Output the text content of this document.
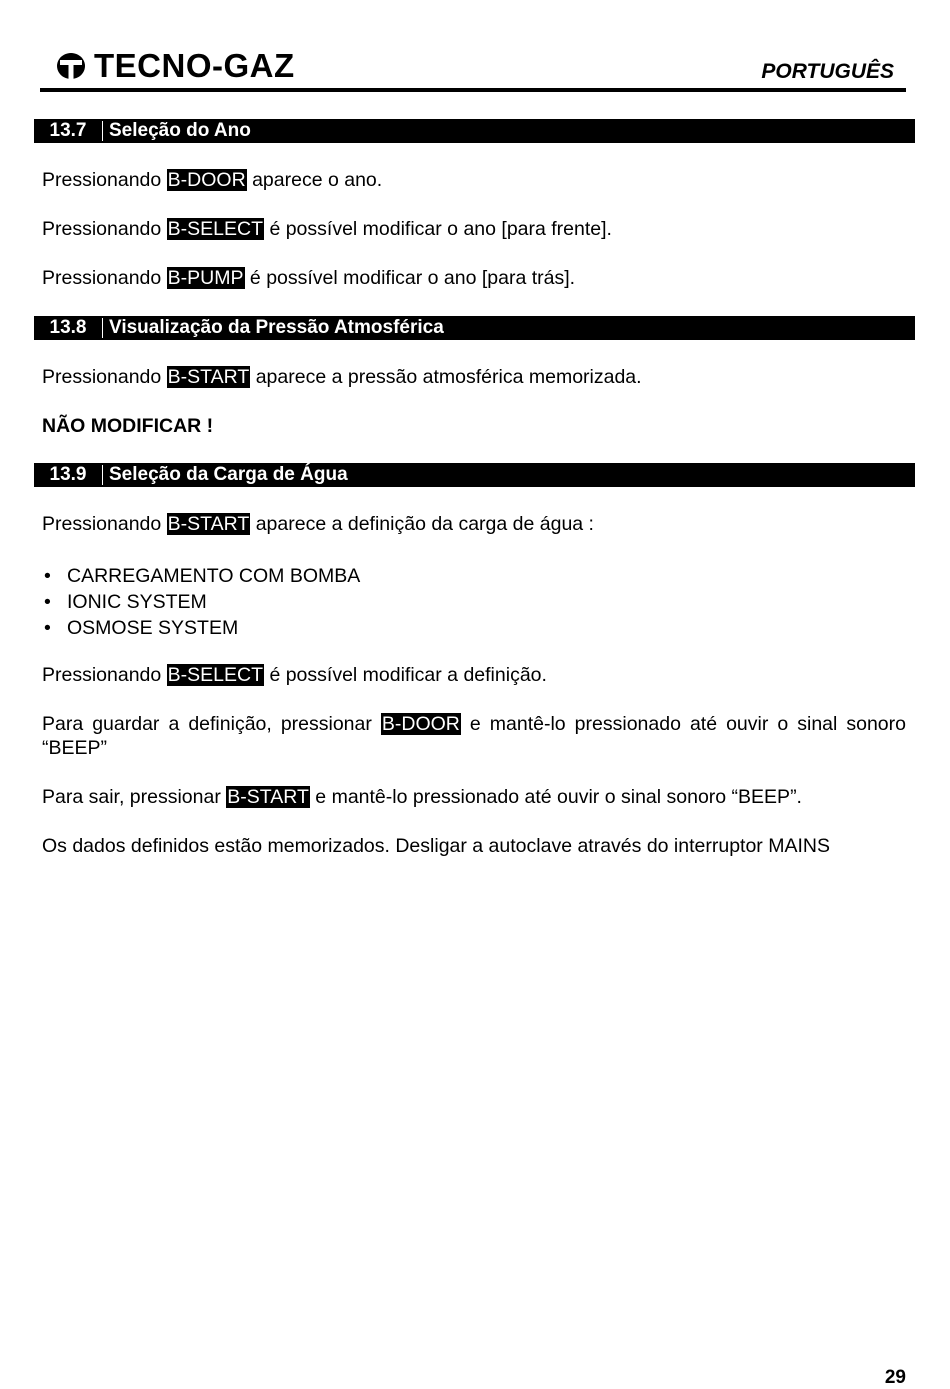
TECNO-GAZ	PORTUGUÊS
13.7	Seleção do Ano
Pressionando B-DOOR aparece o ano.
Pressionando B-SELECT é possível modificar o ano [para frente].
Pressionando B-PUMP é possível modificar o ano [para trás].
13.8	Visualização da Pressão Atmosférica
Pressionando B-START aparece a pressão atmosférica memorizada.
NÃO MODIFICAR !
13.9	Seleção da Carga de Água
Pressionando B-START aparece a definição da carga de água :
• CARREGAMENTO COM BOMBA
• IONIC SYSTEM
• OSMOSE SYSTEM
Pressionando B-SELECT é possível modificar a definição.
Para guardar a definição, pressionar B-DOOR e mantê-lo pressionado até ouvir o sinal sonoro “BEEP”
Para sair, pressionar B-START e mantê-lo pressionado até ouvir o sinal sonoro “BEEP”.
Os dados definidos estão memorizados. Desligar a autoclave através do interruptor MAINS
29
